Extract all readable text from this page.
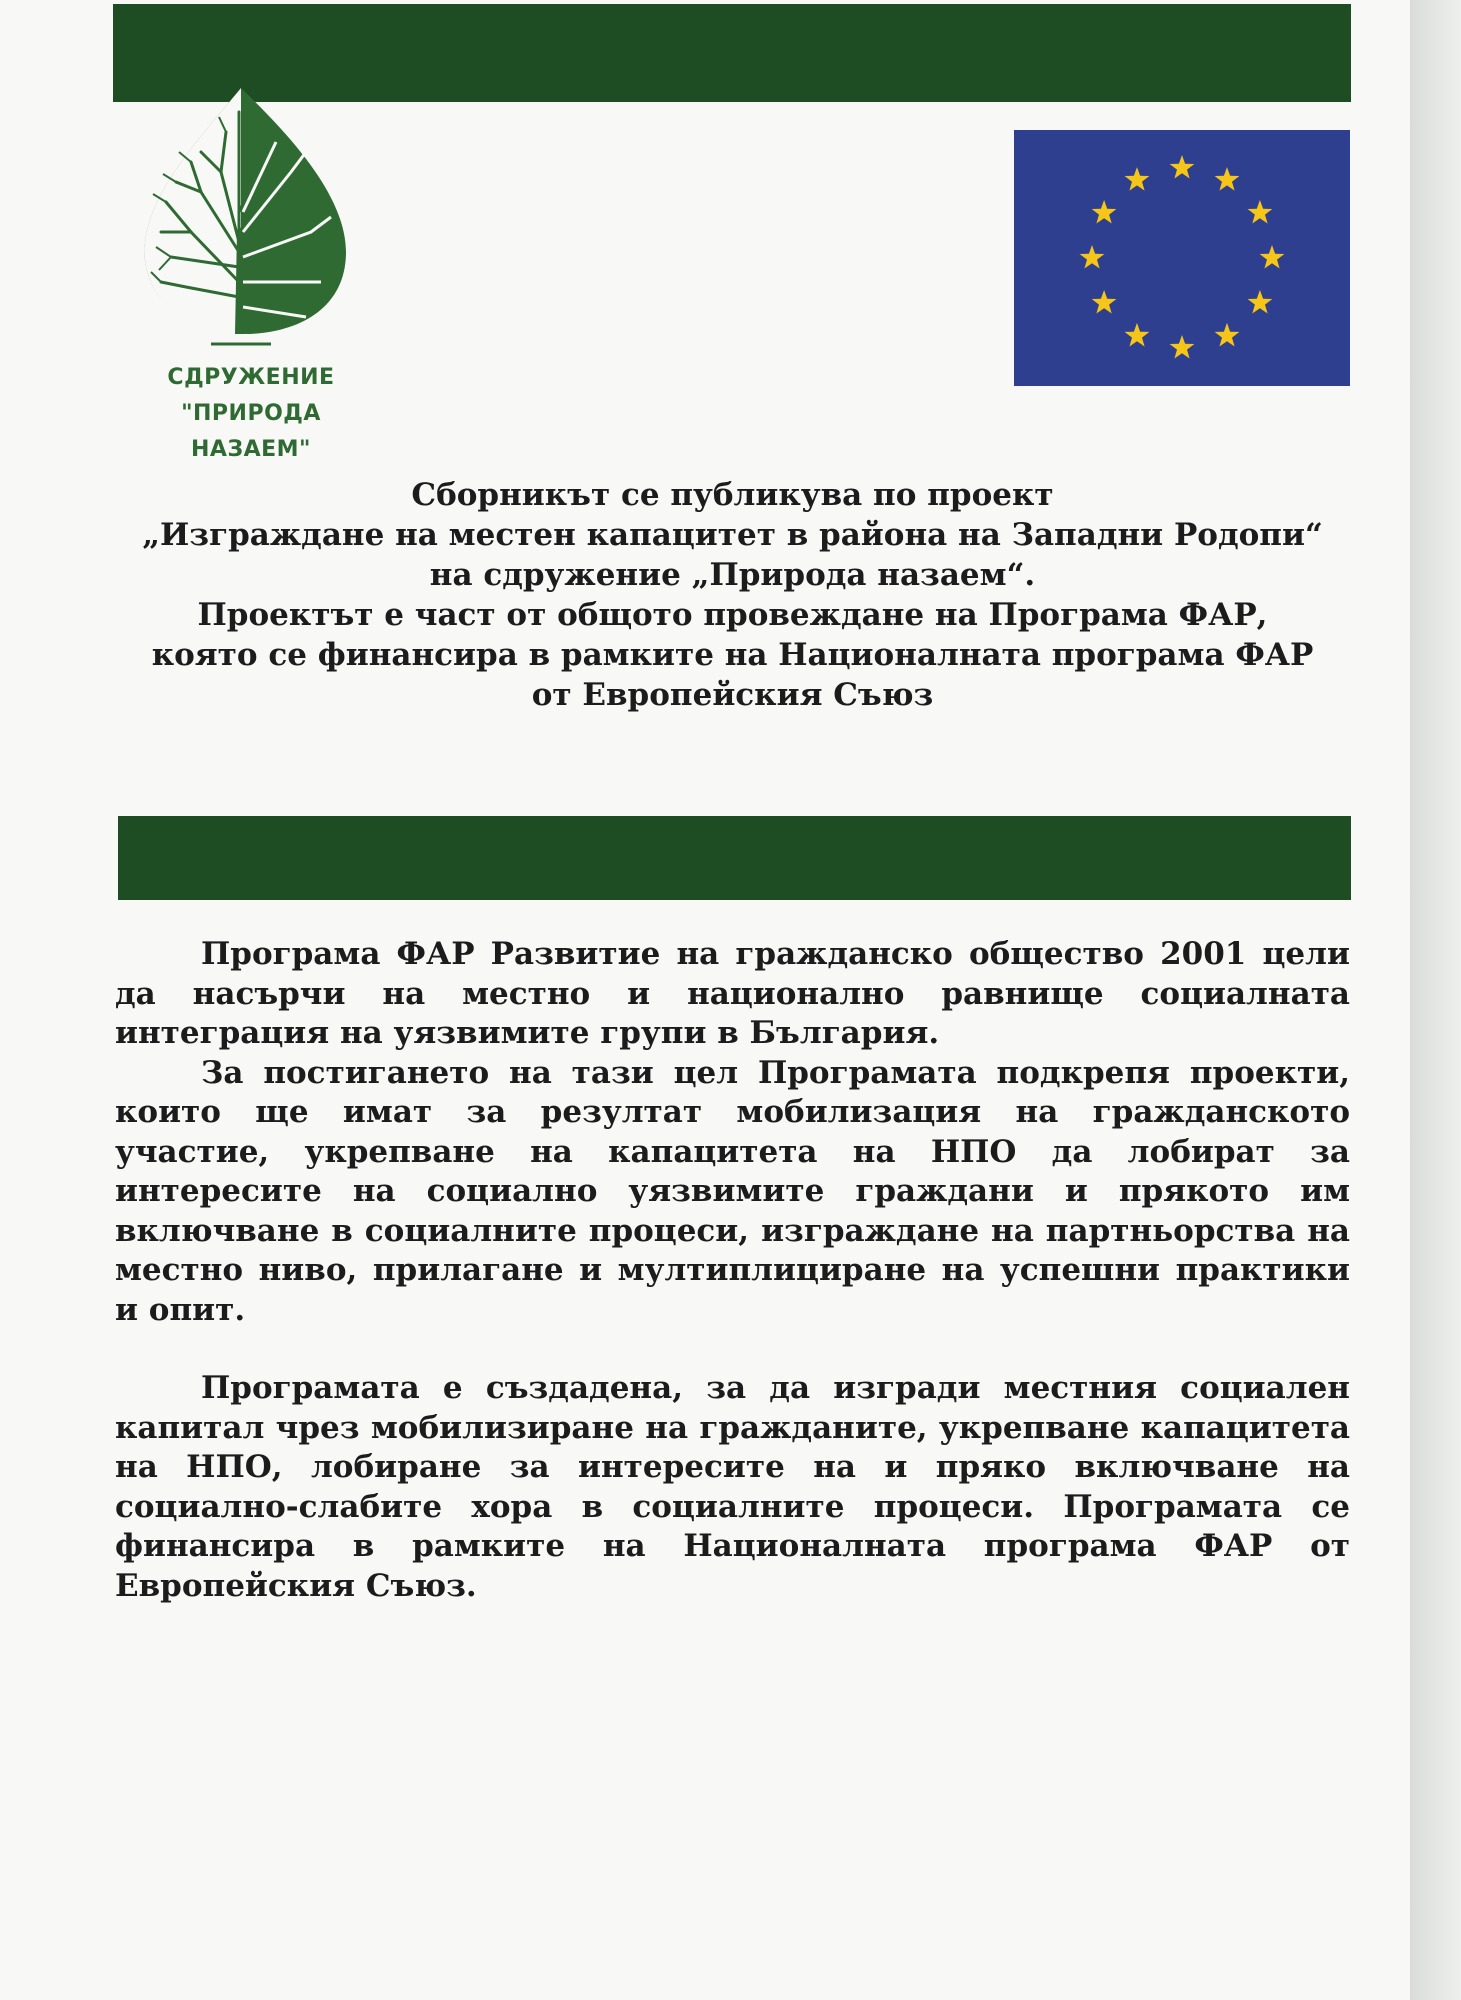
СДРУЖЕНИЕ
"ПРИРОДА НАЗАЕМ"
Сборникът се публикува по проект
„Изграждане на местен капацитет в района на Западни Родопи“
на сдружение „Природа назаем“.
Проектът е част от общото провеждане на Програма ФАР,
която се финансира в рамките на Националната програма ФАР
от Европейския Съюз

Програма ФАР Развитие на гражданско общество 2001 цели да насърчи на местно и национално равнище социалната интеграция на уязвимите групи в България.

За постигането на тази цел Програмата подкрепя проекти, които ще имат за резултат мобилизация на гражданското участие, укрепване на капацитета на НПО да лобират за интересите на социално уязвимите граждани и прякото им включване в социалните процеси, изграждане на партньорства на местно ниво, прилагане и мултиплициране на успешни практики и опит.

Програмата е създадена, за да изгради местния социален капитал чрез мобилизиране на гражданите, укрепване капацитета на НПО, лобиране за интересите на и пряко включване на социално-слабите хора в социалните процеси. Програмата се финансира в рамките на Националната програма ФАР от Европейския Съюз.
